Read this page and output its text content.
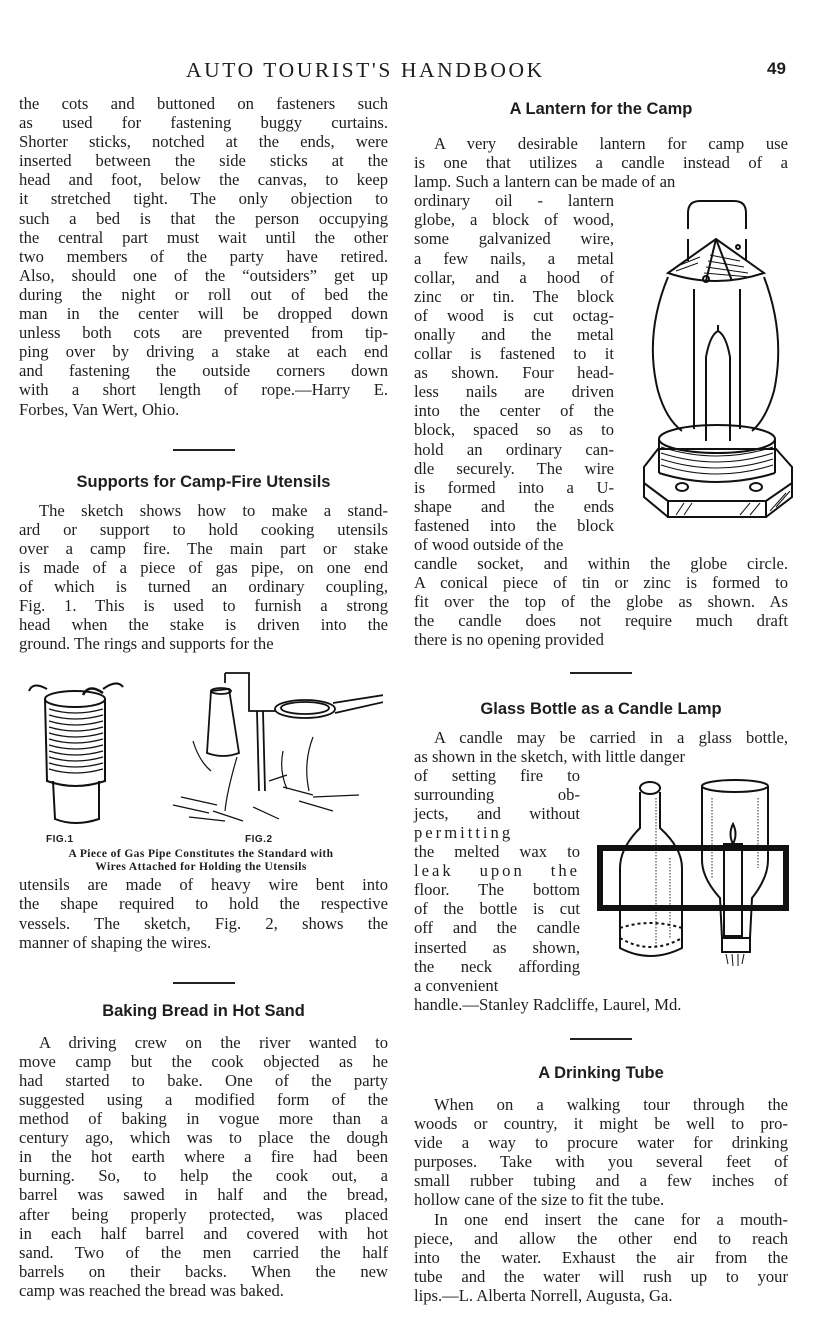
AUTO TOURIST'S HANDBOOK	49
the cots and buttoned on fasteners such
as used for fastening buggy curtains.
Shorter sticks, notched at the ends, were
inserted between the side sticks at the
head and foot, below the canvas, to keep
it stretched tight. The only objection to
such a bed is that the person occupying
the central part must wait until the other
two members of the party have retired.
Also, should one of the “outsiders” get up
during the night or roll out of bed the
man in the center will be dropped down
unless both cots are prevented from tip-
ping over by driving a stake at each end
and fastening the outside corners down
with a short length of rope.—Harry E.
Forbes, Van Wert, Ohio.
Supports for Camp-Fire Utensils
The sketch shows how to make a stand-
ard or support to hold cooking utensils
over a camp fire. The main part or stake
is made of a piece of gas pipe, on one end
of which is turned an ordinary coupling,
Fig. 1. This is used to furnish a strong
head when the stake is driven into the
ground. The rings and supports for the
FIG.1	FIG.2
A Piece of Gas Pipe Constitutes the Standard with
Wires Attached for Holding the Utensils
utensils are made of heavy wire bent into
the shape required to hold the respective
vessels. The sketch, Fig. 2, shows the
manner of shaping the wires.
Baking Bread in Hot Sand
A driving crew on the river wanted to
move camp but the cook objected as he
had started to bake. One of the party
suggested using a modified form of the
method of baking in vogue more than a
century ago, which was to place the dough
in the hot earth where a fire had been
burning. So, to help the cook out, a
barrel was sawed in half and the bread,
after being properly protected, was placed
in each half barrel and covered with hot
sand. Two of the men carried the half
barrels on their backs. When the new
camp was reached the bread was baked.
A Lantern for the Camp
A very desirable lantern for camp use
is one that utilizes a candle instead of a
lamp. Such a lantern can be made of an
ordinary oil - lantern
globe, a block of wood,
some galvanized wire,
a few nails, a metal
collar, and a hood of
zinc or tin. The block
of wood is cut octag-
onally and the metal
collar is fastened to it
as shown. Four head-
less nails are driven
into the center of the
block, spaced so as to
hold an ordinary can-
dle securely. The wire
is formed into a U-
shape and the ends
fastened into the block
of wood outside of the
candle socket, and within the globe circle.
A conical piece of tin or zinc is formed to
fit over the top of the globe as shown. As
the candle does not require much draft
there is no opening provided
Glass Bottle as a Candle Lamp
A candle may be carried in a glass bottle,
as shown in the sketch, with little danger
of setting fire to
surrounding ob-
jects, and without
permitting
the melted wax to
leak upon the
floor. The bottom
of the bottle is cut
off and the candle
inserted as shown,
the neck affording
a convenient
handle.—Stanley Radcliffe, Laurel, Md.
A Drinking Tube
When on a walking tour through the
woods or country, it might be well to pro-
vide a way to procure water for drinking
purposes. Take with you several feet of
small rubber tubing and a few inches of
hollow cane of the size to fit the tube.
In one end insert the cane for a mouth-
piece, and allow the other end to reach
into the water. Exhaust the air from the
tube and the water will rush up to your
lips.—L. Alberta Norrell, Augusta, Ga.
